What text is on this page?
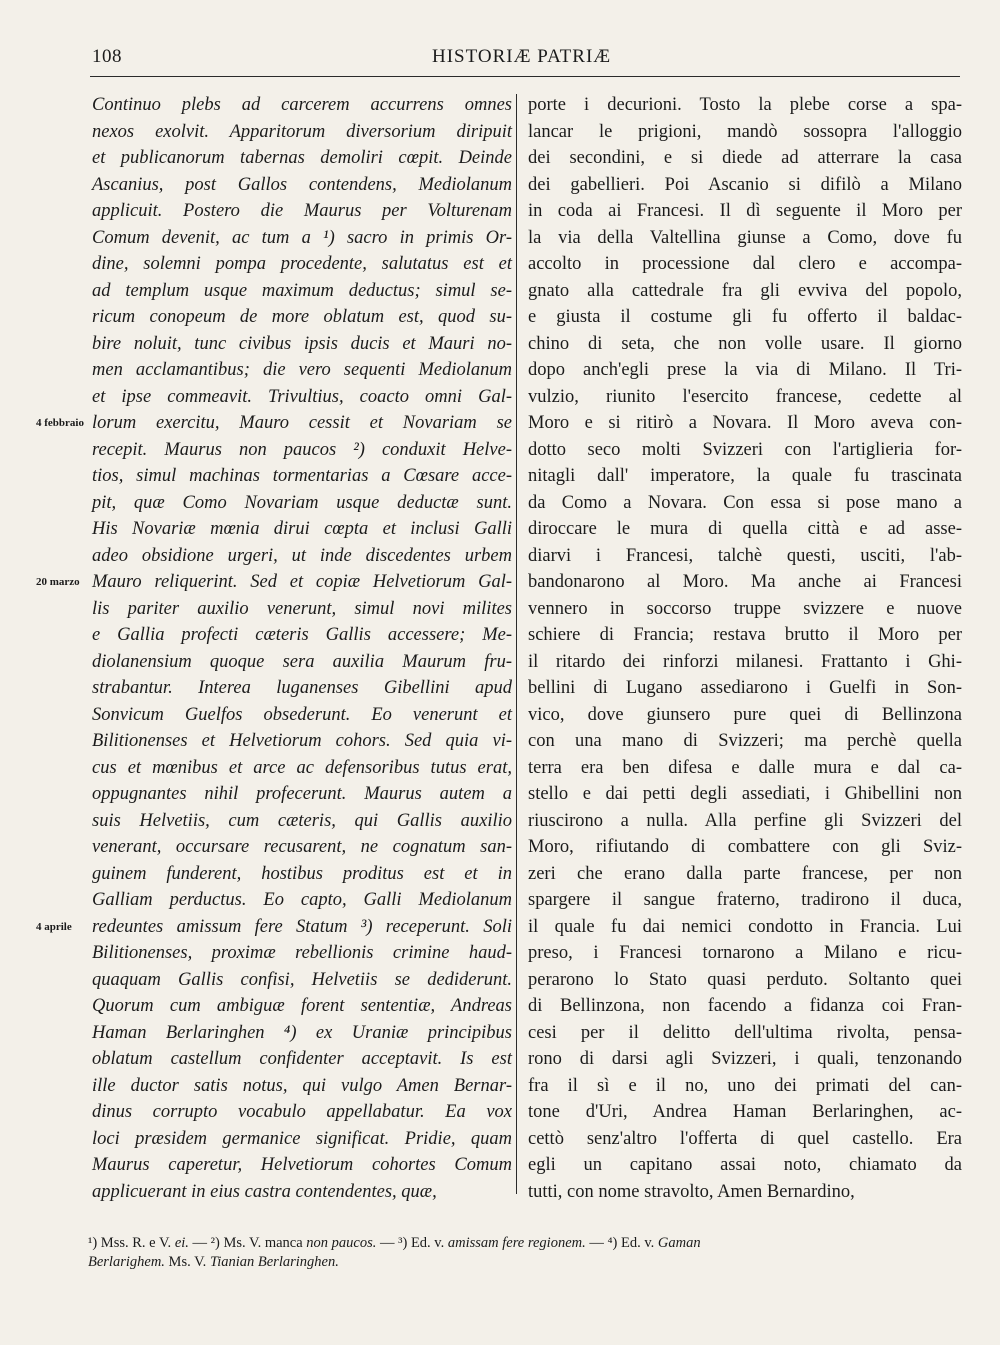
108	HISTORIÆ PATRIÆ
4 febbraio
20 marzo
4 aprile
Continuo plebs ad carcerem accurrens omnes
nexos exolvit. Apparitorum diversorium diripuit
et publicanorum tabernas demoliri cœpit. Deinde
Ascanius, post Gallos contendens, Mediolanum
applicuit. Postero die Maurus per Volturenam
Comum devenit, ac tum a ¹) sacro in primis Or-
dine, solemni pompa procedente, salutatus est et
ad templum usque maximum deductus; simul se-
ricum conopeum de more oblatum est, quod su-
bire noluit, tunc civibus ipsis ducis et Mauri no-
men acclamantibus; die vero sequenti Mediolanum
et ipse commeavit. Trivultius, coacto omni Gal-
lorum exercitu, Mauro cessit et Novariam se
recepit. Maurus non paucos ²) conduxit Helve-
tios, simul machinas tormentarias a Cœsare acce-
pit, quæ Como Novariam usque deductæ sunt.
His Novariæ mœnia dirui cœpta et inclusi Galli
adeo obsidione urgeri, ut inde discedentes urbem
Mauro reliquerint. Sed et copiæ Helvetiorum Gal-
lis pariter auxilio venerunt, simul novi milites
e Gallia profecti cæteris Gallis accessere; Me-
diolanensium quoque sera auxilia Maurum fru-
strabantur. Interea luganenses Gibellini apud
Sonvicum Guelfos obsederunt. Eo venerunt et
Bilitionenses et Helvetiorum cohors. Sed quia vi-
cus et mœnibus et arce ac defensoribus tutus erat,
oppugnantes nihil profecerunt. Maurus autem a
suis Helvetiis, cum cæteris, qui Gallis auxilio
venerant, occursare recusarent, ne cognatum san-
guinem funderent, hostibus proditus est et in
Galliam perductus. Eo capto, Galli Mediolanum
redeuntes amissum fere Statum ³) receperunt. Soli
Bilitionenses, proximæ rebellionis crimine haud-
quaquam Gallis confisi, Helvetiis se dediderunt.
Quorum cum ambiguæ forent sententiæ, Andreas
Haman Berlaringhen ⁴) ex Uraniæ principibus
oblatum castellum confidenter acceptavit. Is est
ille ductor satis notus, qui vulgo Amen Bernar-
dinus corrupto vocabulo appellabatur. Ea vox
loci præsidem germanice significat. Pridie, quam
Maurus caperetur, Helvetiorum cohortes Comum
applicuerant in eius castra contendentes, quæ,
porte i decurioni. Tosto la plebe corse a spa-
lancar le prigioni, mandò sossopra l'alloggio
dei secondini, e si diede ad atterrare la casa
dei gabellieri. Poi Ascanio si difilò a Milano
in coda ai Francesi. Il dì seguente il Moro per
la via della Valtellina giunse a Como, dove fu
accolto in processione dal clero e accompa-
gnato alla cattedrale fra gli evviva del popolo,
e giusta il costume gli fu offerto il baldac-
chino di seta, che non volle usare. Il giorno
dopo anch'egli prese la via di Milano. Il Tri-
vulzio, riunito l'esercito francese, cedette al
Moro e si ritirò a Novara. Il Moro aveva con-
dotto seco molti Svizzeri con l'artiglieria for-
nitagli dall' imperatore, la quale fu trascinata
da Como a Novara. Con essa si pose mano a
diroccare le mura di quella città e ad asse-
diarvi i Francesi, talchè questi, usciti, l'ab-
bandonarono al Moro. Ma anche ai Francesi
vennero in soccorso truppe svizzere e nuove
schiere di Francia; restava brutto il Moro per
il ritardo dei rinforzi milanesi. Frattanto i Ghi-
bellini di Lugano assediarono i Guelfi in Son-
vico, dove giunsero pure quei di Bellinzona
con una mano di Svizzeri; ma perchè quella
terra era ben difesa e dalle mura e dal ca-
stello e dai petti degli assediati, i Ghibellini non
riuscirono a nulla. Alla perfine gli Svizzeri del
Moro, rifiutando di combattere con gli Sviz-
zeri che erano dalla parte francese, per non
spargere il sangue fraterno, tradirono il duca,
il quale fu dai nemici condotto in Francia. Lui
preso, i Francesi tornarono a Milano e ricu-
perarono lo Stato quasi perduto. Soltanto quei
di Bellinzona, non facendo a fidanza coi Fran-
cesi per il delitto dell'ultima rivolta, pensa-
rono di darsi agli Svizzeri, i quali, tenzonando
fra il sì e il no, uno dei primati del can-
tone d'Uri, Andrea Haman Berlaringhen, ac-
cettò senz'altro l'offerta di quel castello. Era
egli un capitano assai noto, chiamato da
tutti, con nome stravolto, Amen Bernardino,
¹) Mss. R. e V. ei. — ²) Ms. V. manca non paucos. — ³) Ed. v. amissam fere regionem. — ⁴) Ed. v. Gaman
Berlarighem. Ms. V. Tianian Berlaringhen.
